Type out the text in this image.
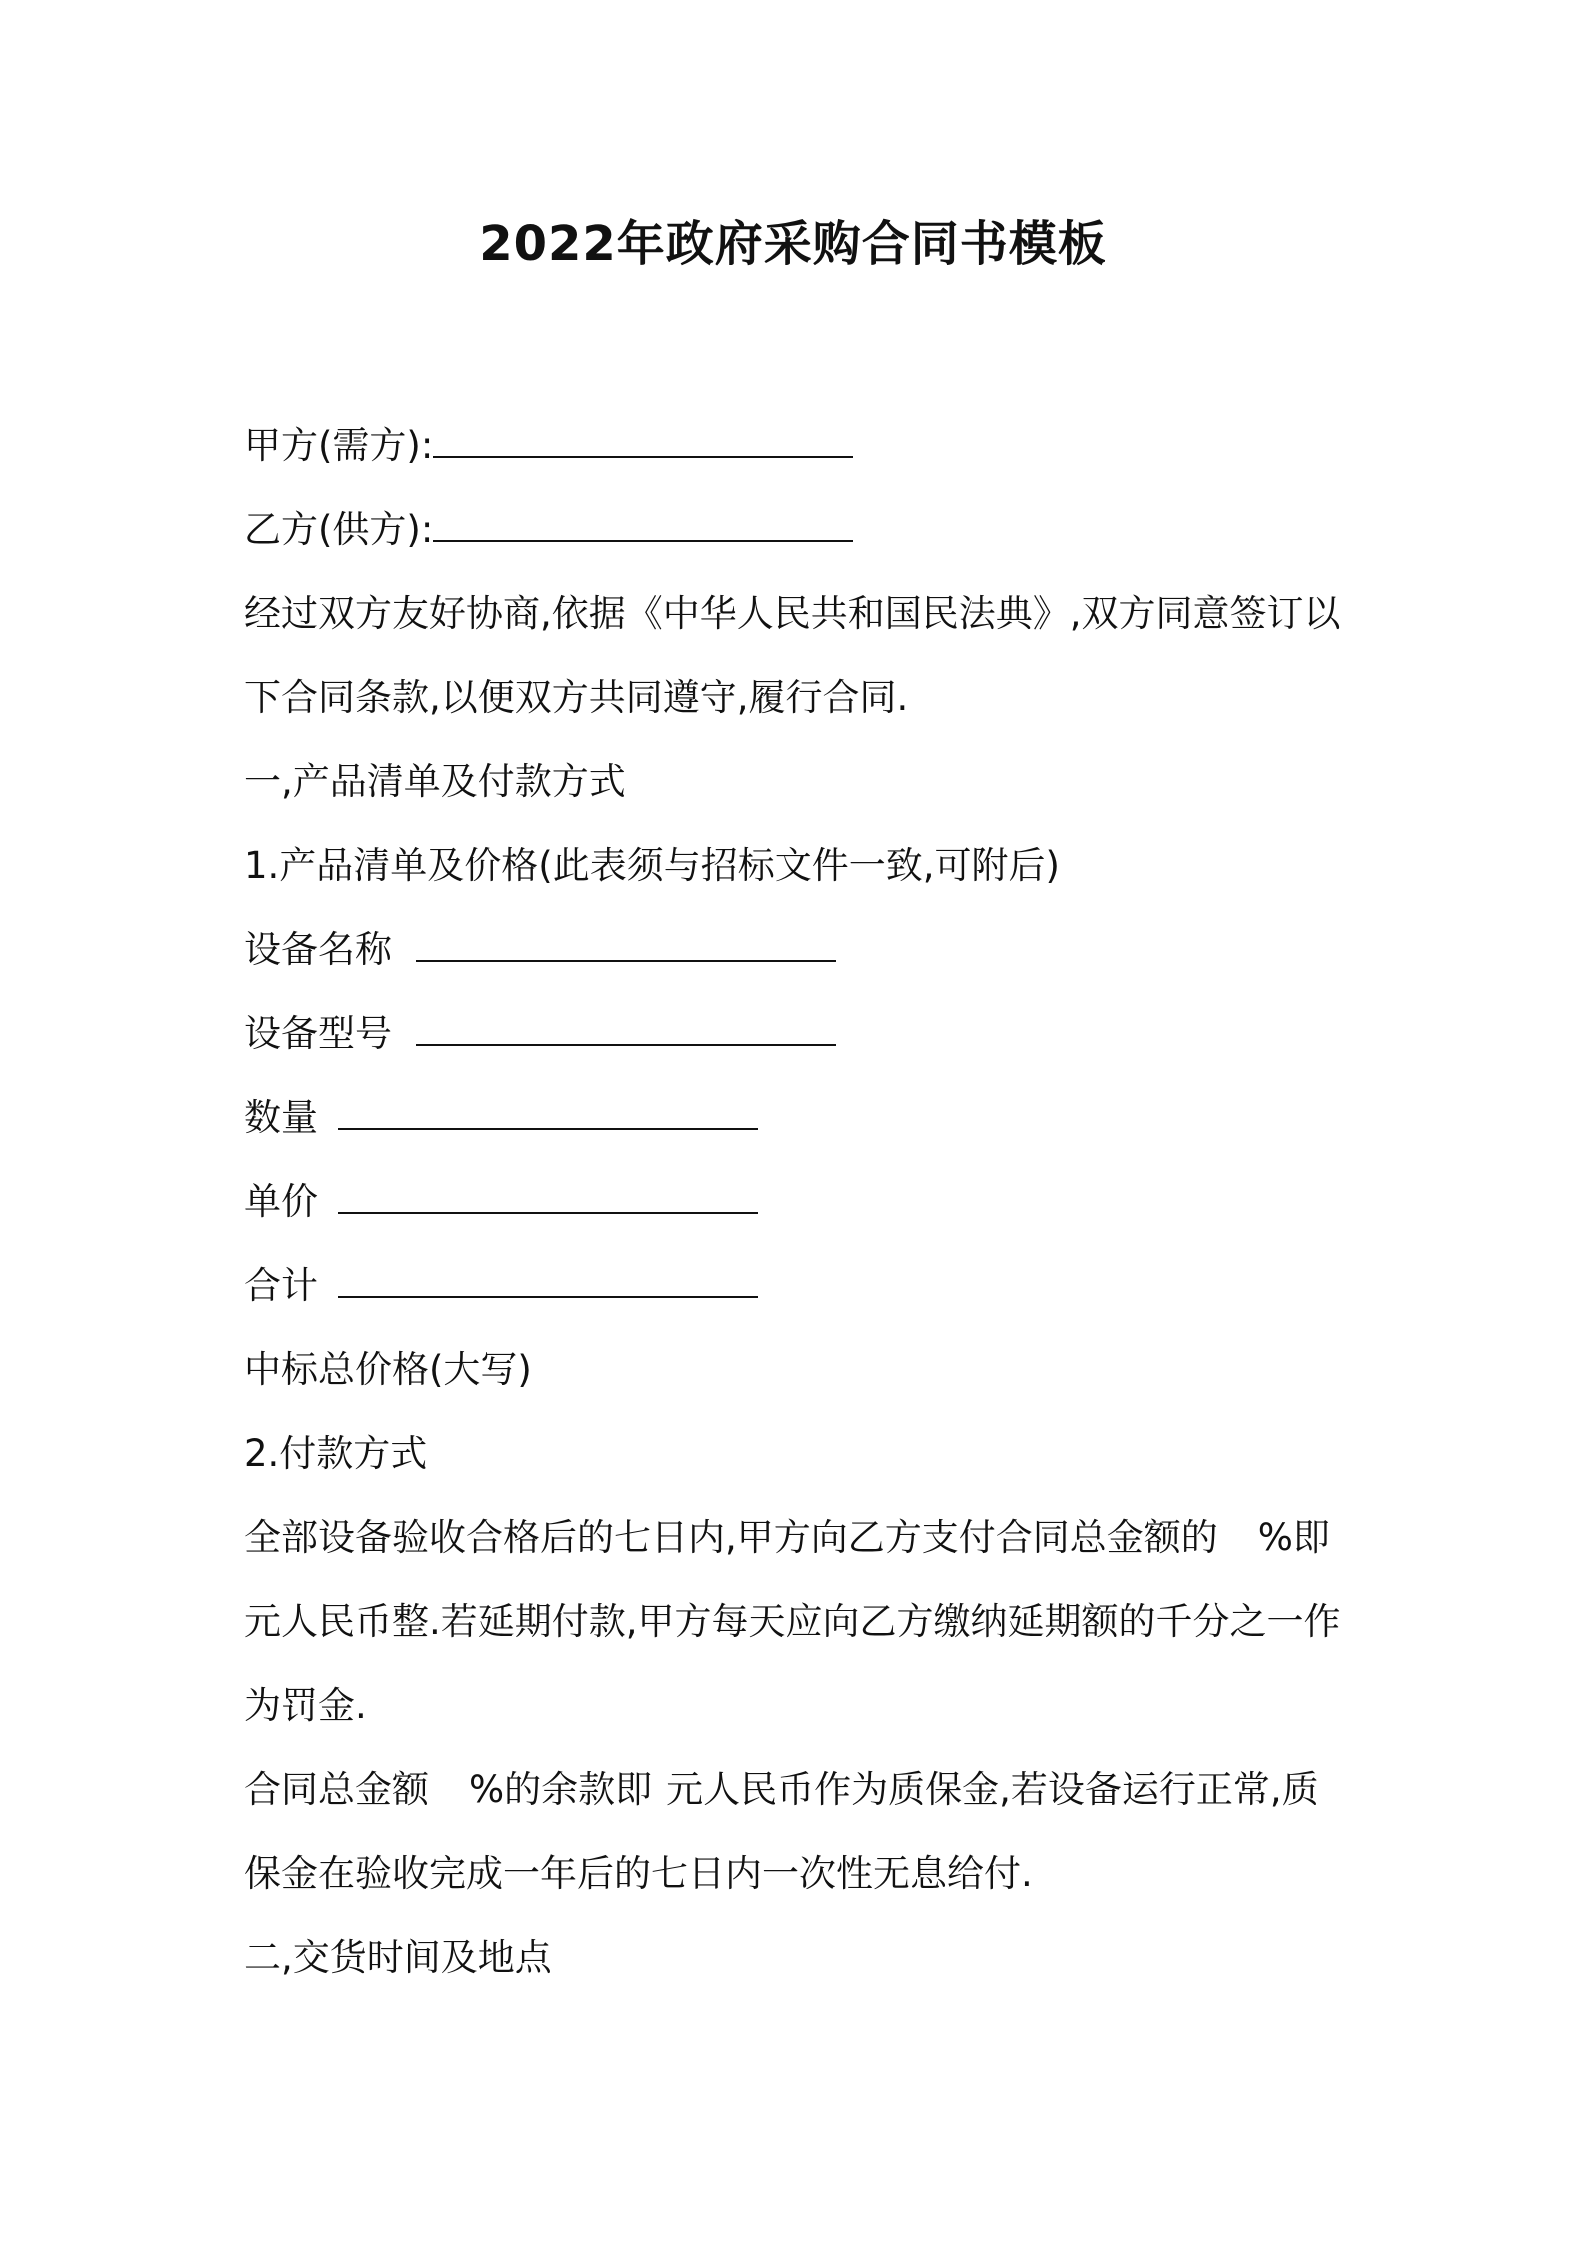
2022年政府采购合同书模板
甲方(需方):
乙方(供方):
经过双方友好协商,依据《中华人民共和国民法典》,双方同意签订以
下合同条款,以便双方共同遵守,履行合同.
一,产品清单及付款方式
1.产品清单及价格(此表须与招标文件一致,可附后)
设备名称
设备型号
数量
单价
合计
中标总价格(大写)
2.付款方式
全部设备验收合格后的七日内,甲方向乙方支付合同总金额的 %即
元人民币整.若延期付款,甲方每天应向乙方缴纳延期额的千分之一作
为罚金.
合同总金额 %的余款即 元人民币作为质保金,若设备运行正常,质
保金在验收完成一年后的七日内一次性无息给付.
二,交货时间及地点
